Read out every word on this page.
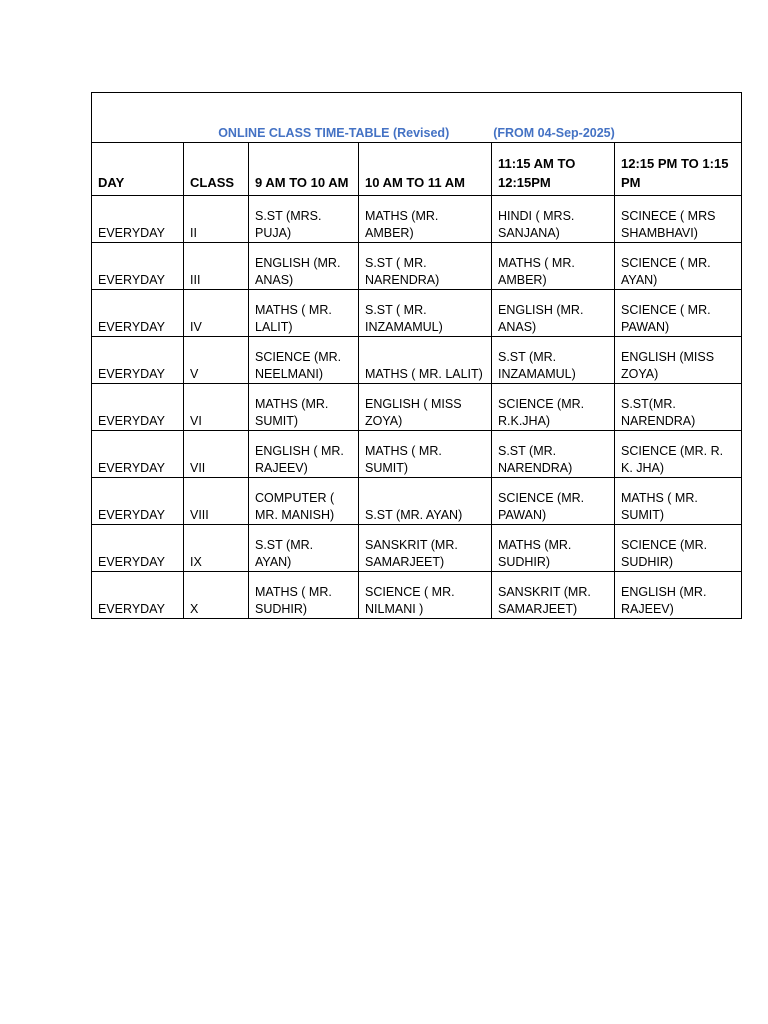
ONLINE CLASS TIME-TABLE (Revised) (FROM 04-Sep-2025)					
DAY	CLASS	9 AM TO 10 AM	10 AM TO 11 AM	11:15 AM TO 12:15PM	12:15 PM TO 1:15 PM
EVERYDAY	II	S.ST (MRS. PUJA)	MATHS (MR. AMBER)	HINDI ( MRS. SANJANA)	SCINECE ( MRS SHAMBHAVI)
EVERYDAY	III	ENGLISH (MR. ANAS)	S.ST ( MR. NARENDRA)	MATHS ( MR. AMBER)	SCIENCE ( MR. AYAN)
EVERYDAY	IV	MATHS ( MR. LALIT)	S.ST ( MR. INZAMAMUL)	ENGLISH (MR. ANAS)	SCIENCE ( MR. PAWAN)
EVERYDAY	V	SCIENCE (MR. NEELMANI)	MATHS ( MR. LALIT)	S.ST (MR. INZAMAMUL)	ENGLISH (MISS ZOYA)
EVERYDAY	VI	MATHS (MR. SUMIT)	ENGLISH ( MISS ZOYA)	SCIENCE (MR. R.K.JHA)	S.ST(MR. NARENDRA)
EVERYDAY	VII	ENGLISH ( MR. RAJEEV)	MATHS ( MR. SUMIT)	S.ST (MR. NARENDRA)	SCIENCE (MR. R. K. JHA)
EVERYDAY	VIII	COMPUTER ( MR. MANISH)	S.ST (MR. AYAN)	SCIENCE (MR. PAWAN)	MATHS ( MR. SUMIT)
EVERYDAY	IX	S.ST (MR. AYAN)	SANSKRIT (MR. SAMARJEET)	MATHS (MR. SUDHIR)	SCIENCE (MR. SUDHIR)
EVERYDAY	X	MATHS ( MR. SUDHIR)	SCIENCE ( MR. NILMANI )	SANSKRIT (MR. SAMARJEET)	ENGLISH (MR. RAJEEV)
